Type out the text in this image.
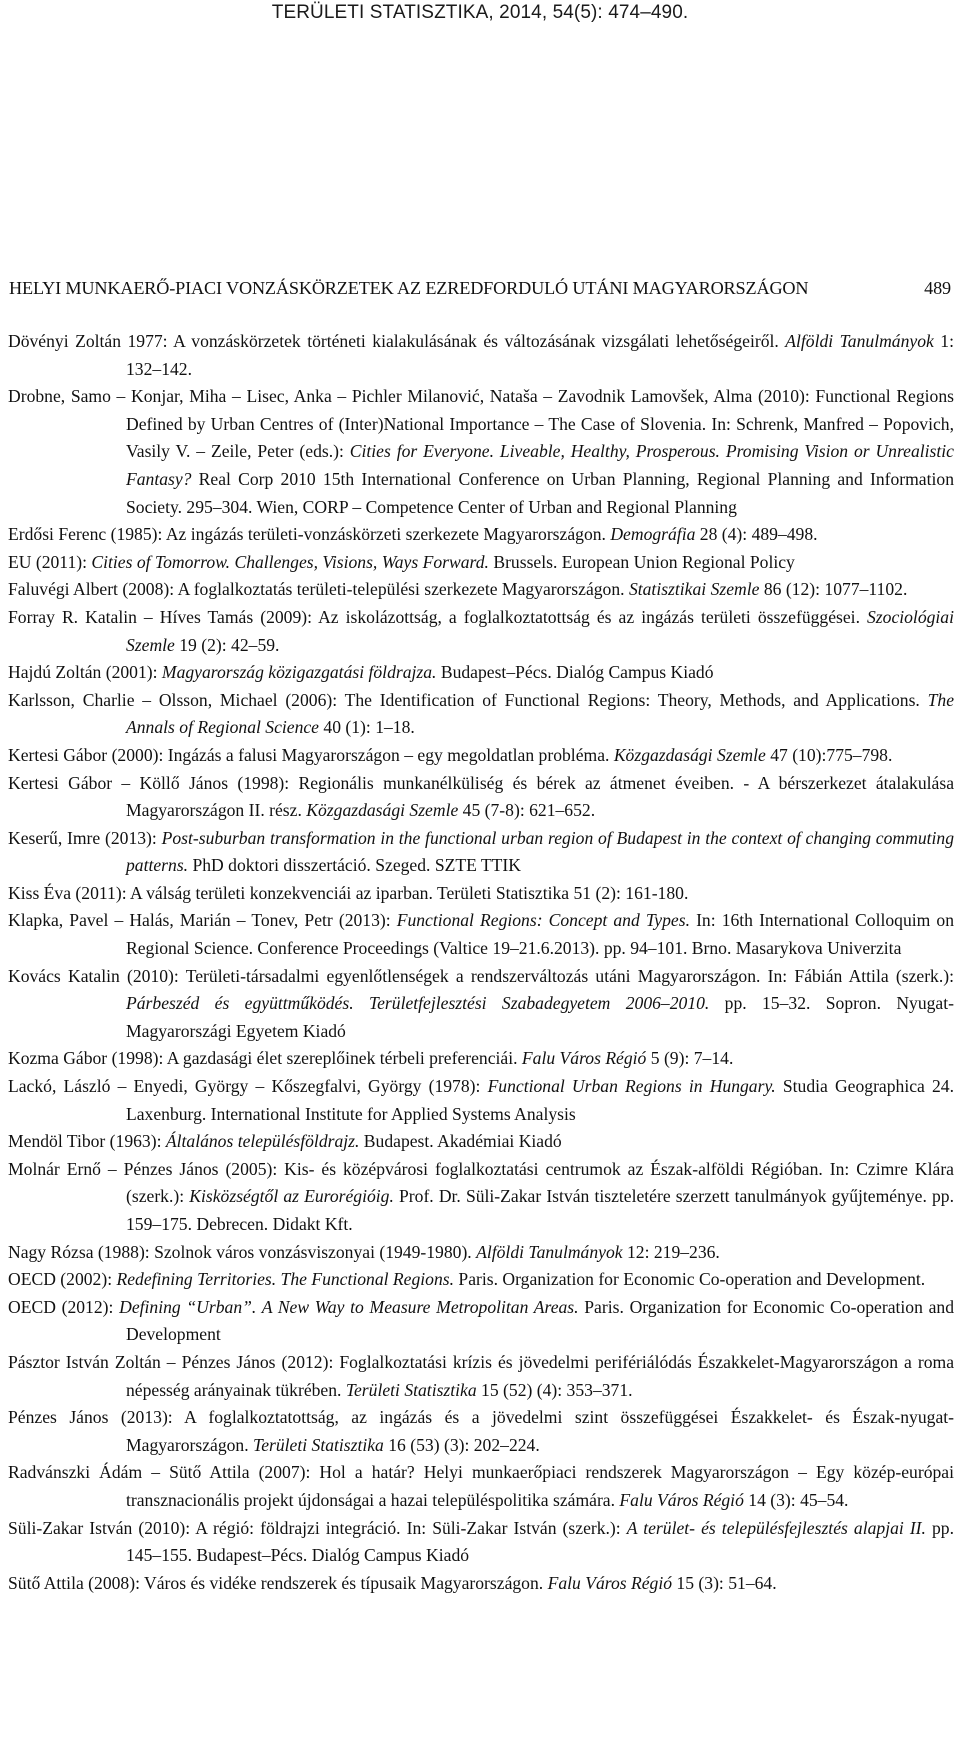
TERÜLETI STATISZTIKA, 2014, 54(5): 474–490.
HELYI MUNKAERŐ-PIACI VONZÁSKÖRZETEK AZ EZREDFORDULÓ UTÁNI MAGYARORSZÁGON	489
Dövényi Zoltán 1977: A vonzáskörzetek történeti kialakulásának és változásának vizsgálati lehetőségeiről. Alföldi Tanulmányok 1: 132–142.
Drobne, Samo – Konjar, Miha – Lisec, Anka – Pichler Milanović, Nataša – Zavodnik Lamovšek, Alma (2010): Functional Regions Defined by Urban Centres of (Inter)National Importance – The Case of Slovenia. In: Schrenk, Manfred – Popovich, Vasily V. – Zeile, Peter (eds.): Cities for Everyone. Liveable, Healthy, Prosperous. Promising Vision or Unrealistic Fantasy? Real Corp 2010 15th International Conference on Urban Planning, Regional Planning and Information Society. 295–304. Wien, CORP – Competence Center of Urban and Regional Planning
Erdősi Ferenc (1985): Az ingázás területi-vonzáskörzeti szerkezete Magyarországon. Demográfia 28 (4): 489–498.
EU (2011): Cities of Tomorrow. Challenges, Visions, Ways Forward. Brussels. European Union Regional Policy
Faluvégi Albert (2008): A foglalkoztatás területi-települési szerkezete Magyarországon. Statisztikai Szemle 86 (12): 1077–1102.
Forray R. Katalin – Híves Tamás (2009): Az iskolázottság, a foglalkoztatottság és az ingázás területi összefüggései. Szociológiai Szemle 19 (2): 42–59.
Hajdú Zoltán (2001): Magyarország közigazgatási földrajza. Budapest–Pécs. Dialóg Campus Kiadó
Karlsson, Charlie – Olsson, Michael (2006): The Identification of Functional Regions: Theory, Methods, and Applications. The Annals of Regional Science 40 (1): 1–18.
Kertesi Gábor (2000): Ingázás a falusi Magyarországon – egy megoldatlan probléma. Közgazdasági Szemle 47 (10):775–798.
Kertesi Gábor – Köllő János (1998): Regionális munkanélküliség és bérek az átmenet éveiben. - A bérszerkezet átalakulása Magyarországon II. rész. Közgazdasági Szemle 45 (7-8): 621–652.
Keserű, Imre (2013): Post-suburban transformation in the functional urban region of Budapest in the context of changing commuting patterns. PhD doktori disszertáció. Szeged. SZTE TTIK
Kiss Éva (2011): A válság területi konzekvenciái az iparban. Területi Statisztika 51 (2): 161-180.
Klapka, Pavel – Halás, Marián – Tonev, Petr (2013): Functional Regions: Concept and Types. In: 16th International Colloquim on Regional Science. Conference Proceedings (Valtice 19–21.6.2013). pp. 94–101. Brno. Masarykova Univerzita
Kovács Katalin (2010): Területi-társadalmi egyenlőtlenségek a rendszerváltozás utáni Magyarországon. In: Fábián Attila (szerk.): Párbeszéd és együttműködés. Területfejlesztési Szabadegyetem 2006–2010. pp. 15–32. Sopron. Nyugat-Magyarországi Egyetem Kiadó
Kozma Gábor (1998): A gazdasági élet szereplőinek térbeli preferenciái. Falu Város Régió 5 (9): 7–14.
Lackó, László – Enyedi, György – Kőszegfalvi, György (1978): Functional Urban Regions in Hungary. Studia Geographica 24. Laxenburg. International Institute for Applied Systems Analysis
Mendöl Tibor (1963): Általános településföldrajz. Budapest. Akadémiai Kiadó
Molnár Ernő – Pénzes János (2005): Kis- és középvárosi foglalkoztatási centrumok az Észak-alföldi Régióban. In: Czimre Klára (szerk.): Kisközségtől az Eurorégióig. Prof. Dr. Süli-Zakar István tiszteletére szerzett tanulmányok gyűjteménye. pp. 159–175. Debrecen. Didakt Kft.
Nagy Rózsa (1988): Szolnok város vonzásviszonyai (1949-1980). Alföldi Tanulmányok 12: 219–236.
OECD (2002): Redefining Territories. The Functional Regions. Paris. Organization for Economic Co-operation and Development.
OECD (2012): Defining “Urban”. A New Way to Measure Metropolitan Areas. Paris. Organization for Economic Co-operation and Development
Pásztor István Zoltán – Pénzes János (2012): Foglalkoztatási krízis és jövedelmi perifériálódás Északkelet-Magyarországon a roma népesség arányainak tükrében. Területi Statisztika 15 (52) (4): 353–371.
Pénzes János (2013): A foglalkoztatottság, az ingázás és a jövedelmi szint összefüggései Északkelet- és Észak-nyugat-Magyarországon. Területi Statisztika 16 (53) (3): 202–224.
Radvánszki Ádám – Sütő Attila (2007): Hol a határ? Helyi munkaerőpiaci rendszerek Magyarországon – Egy közép-európai transznacionális projekt újdonságai a hazai településpolitika számára. Falu Város Régió 14 (3): 45–54.
Süli-Zakar István (2010): A régió: földrajzi integráció. In: Süli-Zakar István (szerk.): A terület- és településfejlesztés alapjai II. pp. 145–155. Budapest–Pécs. Dialóg Campus Kiadó
Sütő Attila (2008): Város és vidéke rendszerek és típusaik Magyarországon. Falu Város Régió 15 (3): 51–64.
